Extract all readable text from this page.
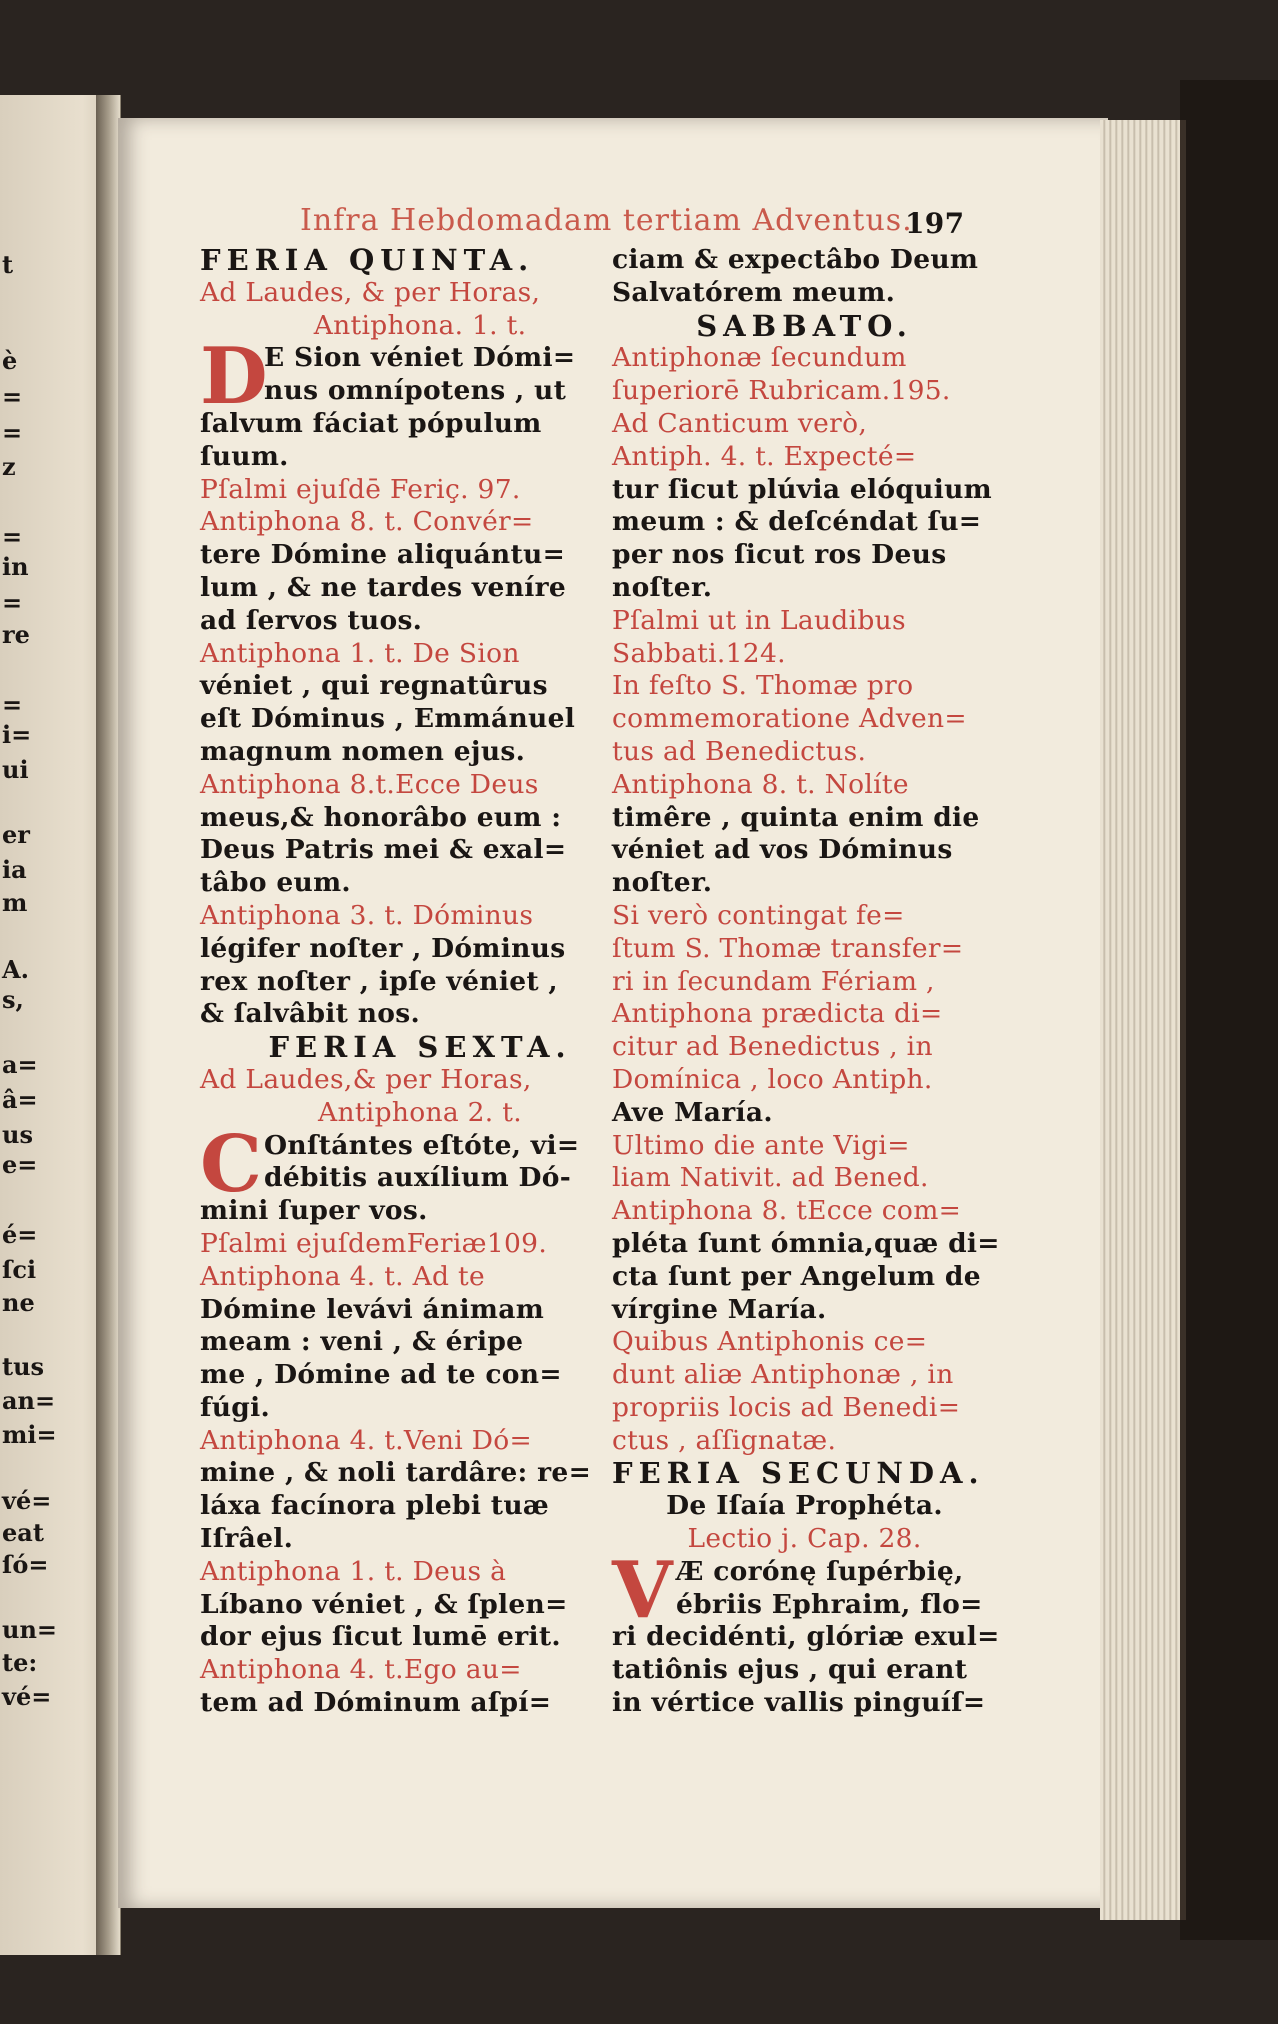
t
è
=
=
z
=
in
=
re
=
i=
ui
er
ia
m
A.
s,
a=
â=
us
e=
é=
ſci
ne
tus
an=
mi=
vé=
eat
ſó=
un=
te:
vé=
Infra Hebdomadam tertiam Adventus.
197
FERIA QUINTA.
Ad Laudes, & per Horas,
Antiphona. 1. t.
D
E Sion véniet Dómi=
nus omnípotens , ut
ſalvum fáciat pópulum
ſuum.
Pſalmi ejuſdē Feriç. 97.
Antiphona 8. t. Convér=
tere Dómine aliquántu=
lum , & ne tardes veníre
ad ſervos tuos.
Antiphona 1. t. De Sion
véniet , qui regnatûrus
eſt Dóminus , Emmánuel
magnum nomen ejus.
Antiphona 8.t.Ecce Deus
meus,& honorâbo eum :
Deus Patris mei & exal=
tâbo eum.
Antiphona 3. t. Dóminus
légifer noſter , Dóminus
rex noſter , ipſe véniet ,
& ſalvâbit nos.
FERIA SEXTA.
Ad Laudes,& per Horas,
Antiphona 2. t.
C Onſtántes eſtóte, vi=
débitis auxílium Dó-
mini ſuper vos.
Pſalmi ejuſdemFeriæ109.
Antiphona 4. t. Ad te
Dómine levávi ánimam
meam : veni , & éripe
me , Dómine ad te con=
fúgi.
Antiphona 4. t.Veni Dó=
mine , & noli tardâre: re=
láxa facínora plebi tuæ
Iſrâel.
Antiphona 1. t. Deus à
Líbano véniet , & ſplen=
dor ejus ſicut lumē erit.
Antiphona 4. t.Ego au=
tem ad Dóminum aſpí=
ciam & expectâbo Deum
Salvatórem meum.
SABBATO.
Antiphonæ ſecundum
ſuperiorē Rubricam.195.
Ad Canticum verò,
Antiph. 4. t. Expecté=
tur ſicut plúvia elóquium
meum : & deſcéndat ſu=
per nos ſicut ros Deus
noſter.
Pſalmi ut in Laudibus
Sabbati.124.
In feſto S. Thomæ pro
commemoratione Adven=
tus ad Benedictus.
Antiphona 8. t. Nolíte
timêre , quinta enim die
véniet ad vos Dóminus
noſter.
Si verò contingat fe=
ſtum S. Thomæ transfer=
ri in ſecundam Fériam ,
Antiphona prædicta di=
citur ad Benedictus , in
Domínica , loco Antiph.
Ave María.
Ultimo die ante Vigi=
liam Nativit. ad Bened.
Antiphona 8. tEcce com=
pléta ſunt ómnia,quæ di=
cta ſunt per Angelum de
vírgine María.
Quibus Antiphonis ce=
dunt aliæ Antiphonæ , in
propriis locis ad Benedi=
ctus , aſſignatæ.
FERIA SECUNDA.
De Iſaía Prophéta.
Lectio j. Cap. 28.
V Æ corónę ſupérbię,
ébriis Ephraim, flo=
ri decidénti, glóriæ exul=
tatiônis ejus , qui erant
in vértice vallis pinguíſ=
